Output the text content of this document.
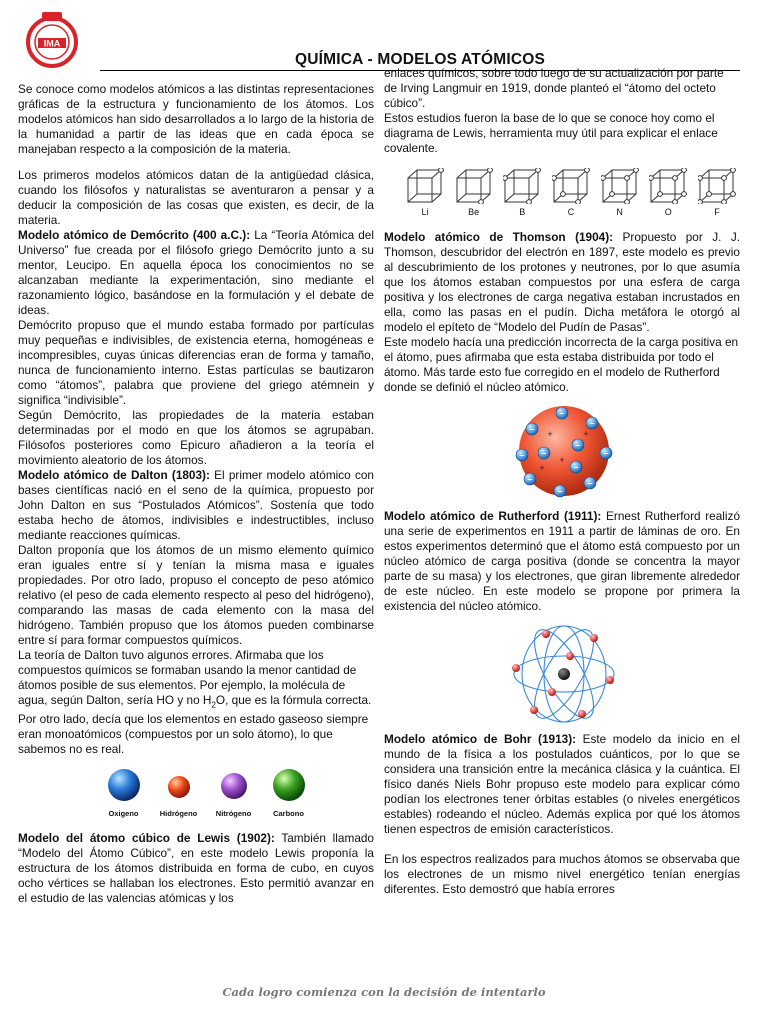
IMA
QUÍMICA - MODELOS ATÓMICOS

Se conoce como modelos atómicos a las distintas representaciones gráficas de la estructura y funcionamiento de los átomos. Los modelos atómicos han sido desarrollados a lo largo de la historia de la humanidad a partir de las ideas que en cada época se manejaban respecto a la composición de la materia.

Los primeros modelos atómicos datan de la antigüedad clásica, cuando los filósofos y naturalistas se aventuraron a pensar y a deducir la composición de las cosas que existen, es decir, de la materia.

Modelo atómico de Demócrito (400 a.C.): La “Teoría Atómica del Universo” fue creada por el filósofo griego Demócrito junto a su mentor, Leucipo. En aquella época los conocimientos no se alcanzaban mediante la experimentación, sino mediante el razonamiento lógico, basándose en la formulación y el debate de ideas.

Demócrito propuso que el mundo estaba formado por partículas muy pequeñas e indivisibles, de existencia eterna, homogéneas e incompresibles, cuyas únicas diferencias eran de forma y tamaño, nunca de funcionamiento interno. Estas partículas se bautizaron como “átomos”, palabra que proviene del griego atémnein y significa “indivisible”.

Según Demócrito, las propiedades de la materia estaban determinadas por el modo en que los átomos se agrupaban. Filósofos posteriores como Epicuro añadieron a la teoría el movimiento aleatorio de los átomos.

Modelo atómico de Dalton (1803): El primer modelo atómico con bases científicas nació en el seno de la química, propuesto por John Dalton en sus “Postulados Atómicos”. Sostenía que todo estaba hecho de átomos, indivisibles e indestructibles, incluso mediante reacciones químicas.

Dalton proponía que los átomos de un mismo elemento químico eran iguales entre sí y tenían la misma masa e iguales propiedades. Por otro lado, propuso el concepto de peso atómico relativo (el peso de cada elemento respecto al peso del hidrógeno), comparando las masas de cada elemento con la masa del hidrógeno. También propuso que los átomos pueden combinarse entre sí para formar compuestos químicos.

La teoría de Dalton tuvo algunos errores. Afirmaba que los compuestos químicos se formaban usando la menor cantidad de átomos posible de sus elementos. Por ejemplo, la molécula de agua, según Dalton, sería HO y no $H_2O$, que es la fórmula correcta. Por otro lado, decía que los elementos en estado gaseoso siempre eran monoatómicos (compuestos por un solo átomo), lo que sabemos no es real.

Oxigeno	Hidrógeno Nitrógeno	Carbono

Modelo del átomo cúbico de Lewis (1902): También llamado “Modelo del Átomo Cúbico”, en este modelo Lewis proponía la estructura de los átomos distribuida en forma de cubo, en cuyos ocho vértices se hallaban los electrones. Esto permitió avanzar en el estudio de las valencias atómicas y los

enlaces químicos, sobre todo luego de su actualización por parte de Irving Langmuir en 1919, donde planteó el “átomo del octeto cúbico”.

Estos estudios fueron la base de lo que se conoce hoy como el diagrama de Lewis, herramienta muy útil para explicar el enlace covalente.

Li	Be	B	C	N	O	F

Modelo atómico de Thomson (1904): Propuesto por J. J. Thomson, descubridor del electrón en 1897, este modelo es previo al descubrimiento de los protones y neutrones, por lo que asumía que los átomos estaban compuestos por una esfera de carga positiva y los electrones de carga negativa estaban incrustados en ella, como las pasas en el pudín. Dicha metáfora le otorgó al modelo el epíteto de “Modelo del Pudín de Pasas”.

Este modelo hacía una predicción incorrecta de la carga positiva en el átomo, pues afirmaba que esta estaba distribuida por todo el átomo. Más tarde esto fue corregido en el modelo de Rutherford donde se definió el núcleo atómico.

–
–
–
–
–
–
–
– –
–
–
+
+
+
+

Modelo atómico de Rutherford (1911): Ernest Rutherford realizó una serie de experimentos en 1911 a partir de láminas de oro. En estos experimentos determinó que el átomo está compuesto por un núcleo atómico de carga positiva (donde se concentra la mayor parte de su masa) y los electrones, que giran libremente alrededor de este núcleo. En este modelo se propone por primera la existencia del núcleo atómico.

Modelo atómico de Bohr (1913): Este modelo da inicio en el mundo de la física a los postulados cuánticos, por lo que se considera una transición entre la mecánica clásica y la cuántica. El físico danés Niels Bohr propuso este modelo para explicar cómo podían los electrones tener órbitas estables (o niveles energéticos estables) rodeando el núcleo. Además explica por qué los átomos tienen espectros de emisión característicos.

En los espectros realizados para muchos átomos se observaba que los electrones de un mismo nivel energético tenían energías diferentes. Esto demostró que había errores

Cada logro comienza con la decisión de intentarlo
